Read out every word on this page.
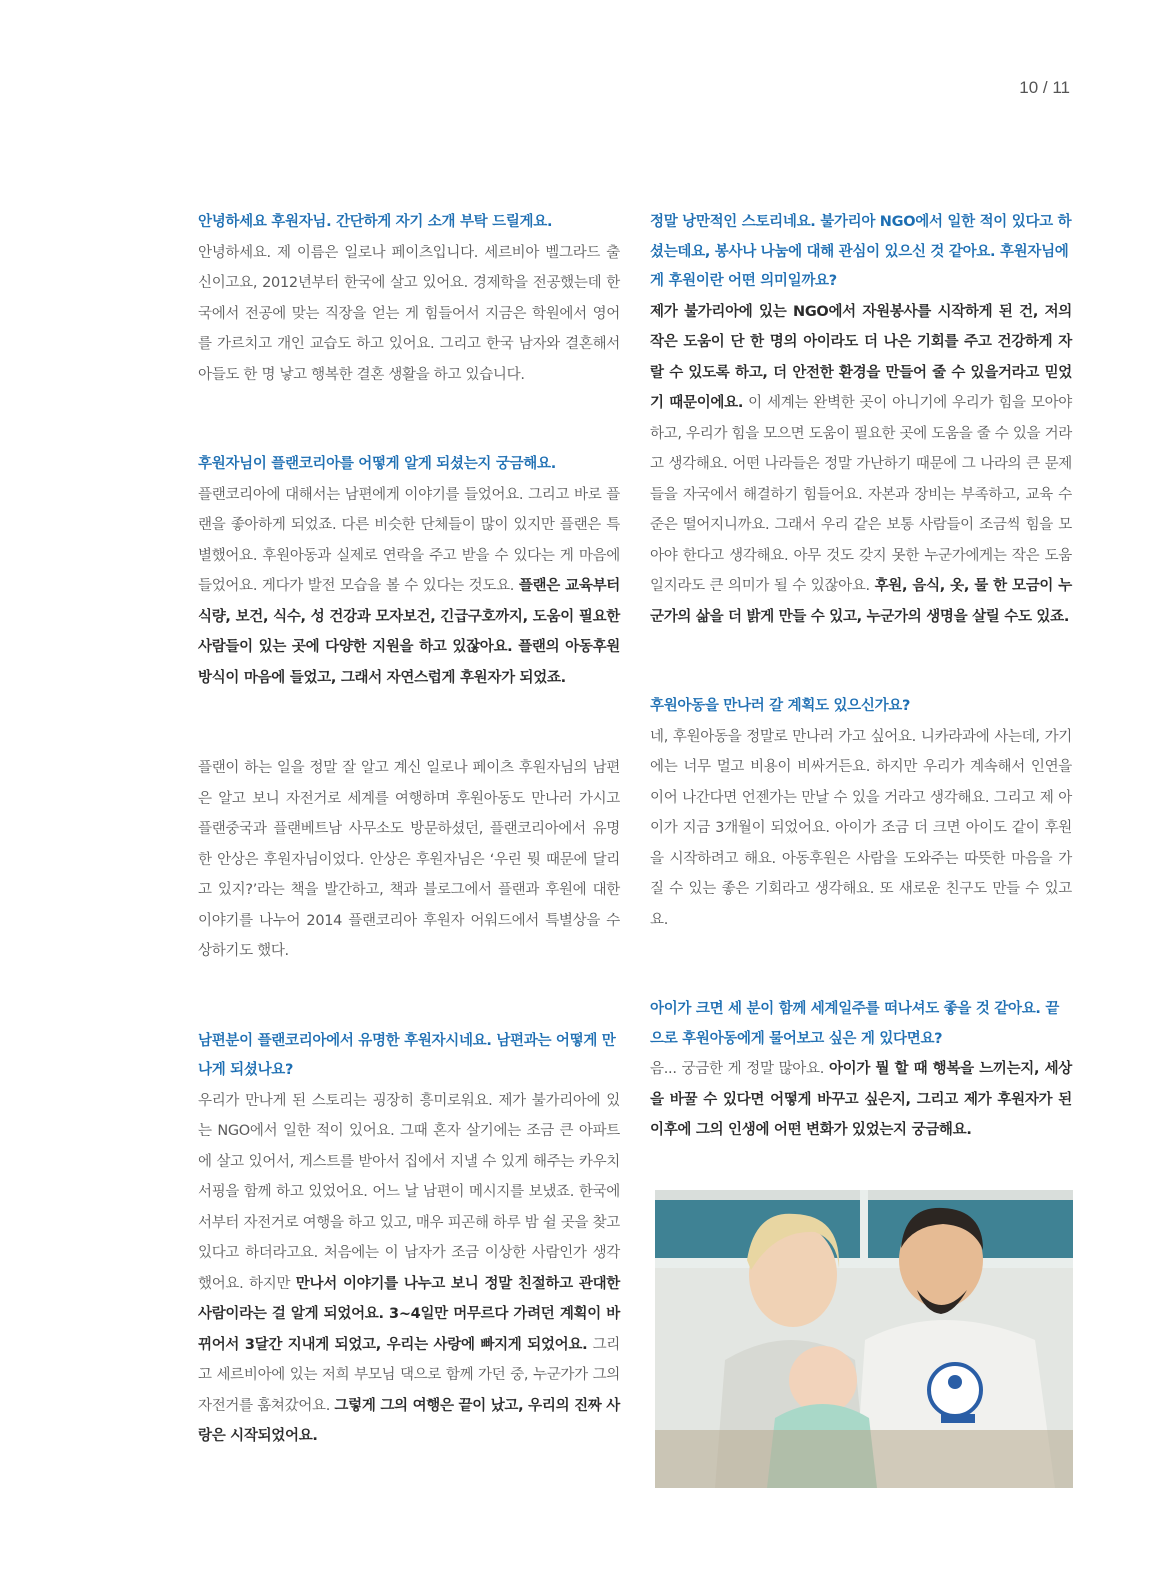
10 / 11

안녕하세요 후원자님. 간단하게 자기 소개 부탁 드릴게요.

안녕하세요. 제 이름은 일로나 페이츠입니다. 세르비아 벨그라드 출신이고요, 2012년부터 한국에 살고 있어요. 경제학을 전공했는데 한국에서 전공에 맞는 직장을 얻는 게 힘들어서 지금은 학원에서 영어를 가르치고 개인 교습도 하고 있어요. 그리고 한국 남자와 결혼해서 아들도 한 명 낳고 행복한 결혼 생활을 하고 있습니다.

후원자님이 플랜코리아를 어떻게 알게 되셨는지 궁금해요.

플랜코리아에 대해서는 남편에게 이야기를 들었어요. 그리고 바로 플랜을 좋아하게 되었죠. 다른 비슷한 단체들이 많이 있지만 플랜은 특별했어요. 후원아동과 실제로 연락을 주고 받을 수 있다는 게 마음에 들었어요. 게다가 발전 모습을 볼 수 있다는 것도요. 플랜은 교육부터 식량, 보건, 식수, 성 건강과 모자보건, 긴급구호까지, 도움이 필요한 사람들이 있는 곳에 다양한 지원을 하고 있잖아요. 플랜의 아동후원 방식이 마음에 들었고, 그래서 자연스럽게 후원자가 되었죠.

플랜이 하는 일을 정말 잘 알고 계신 일로나 페이츠 후원자님의 남편은 알고 보니 자전거로 세계를 여행하며 후원아동도 만나러 가시고 플랜중국과 플랜베트남 사무소도 방문하셨던, 플랜코리아에서 유명한 안상은 후원자님이었다. 안상은 후원자님은 ‘우린 뭣 때문에 달리고 있지?’라는 책을 발간하고, 책과 블로그에서 플랜과 후원에 대한 이야기를 나누어 2014 플랜코리아 후원자 어워드에서 특별상을 수상하기도 했다.

남편분이 플랜코리아에서 유명한 후원자시네요. 남편과는 어떻게 만나게 되셨나요?

우리가 만나게 된 스토리는 굉장히 흥미로워요. 제가 불가리아에 있는 NGO에서 일한 적이 있어요. 그때 혼자 살기에는 조금 큰 아파트에 살고 있어서, 게스트를 받아서 집에서 지낼 수 있게 해주는 카우치 서핑을 함께 하고 있었어요. 어느 날 남편이 메시지를 보냈죠. 한국에서부터 자전거로 여행을 하고 있고, 매우 피곤해 하루 밤 쉴 곳을 찾고 있다고 하더라고요. 처음에는 이 남자가 조금 이상한 사람인가 생각했어요. 하지만 만나서 이야기를 나누고 보니 정말 친절하고 관대한 사람이라는 걸 알게 되었어요. 3~4일만 머무르다 가려던 계획이 바뀌어서 3달간 지내게 되었고, 우리는 사랑에 빠지게 되었어요. 그리고 세르비아에 있는 저희 부모님 댁으로 함께 가던 중, 누군가가 그의 자전거를 훔쳐갔어요. 그렇게 그의 여행은 끝이 났고, 우리의 진짜 사랑은 시작되었어요.

정말 낭만적인 스토리네요. 불가리아 NGO에서 일한 적이 있다고 하셨는데요, 봉사나 나눔에 대해 관심이 있으신 것 같아요. 후원자님에게 후원이란 어떤 의미일까요?

제가 불가리아에 있는 NGO에서 자원봉사를 시작하게 된 건, 저의 작은 도움이 단 한 명의 아이라도 더 나은 기회를 주고 건강하게 자랄 수 있도록 하고, 더 안전한 환경을 만들어 줄 수 있을거라고 믿었기 때문이에요. 이 세계는 완벽한 곳이 아니기에 우리가 힘을 모아야 하고, 우리가 힘을 모으면 도움이 필요한 곳에 도움을 줄 수 있을 거라고 생각해요. 어떤 나라들은 정말 가난하기 때문에 그 나라의 큰 문제들을 자국에서 해결하기 힘들어요. 자본과 장비는 부족하고, 교육 수준은 떨어지니까요. 그래서 우리 같은 보통 사람들이 조금씩 힘을 모아야 한다고 생각해요. 아무 것도 갖지 못한 누군가에게는 작은 도움일지라도 큰 의미가 될 수 있잖아요. 후원, 음식, 옷, 물 한 모금이 누군가의 삶을 더 밝게 만들 수 있고, 누군가의 생명을 살릴 수도 있죠.

후원아동을 만나러 갈 계획도 있으신가요?

네, 후원아동을 정말로 만나러 가고 싶어요. 니카라과에 사는데, 가기에는 너무 멀고 비용이 비싸거든요. 하지만 우리가 계속해서 인연을 이어 나간다면 언젠가는 만날 수 있을 거라고 생각해요. 그리고 제 아이가 지금 3개월이 되었어요. 아이가 조금 더 크면 아이도 같이 후원을 시작하려고 해요. 아동후원은 사람을 도와주는 따뜻한 마음을 가질 수 있는 좋은 기회라고 생각해요. 또 새로운 친구도 만들 수 있고요.

아이가 크면 세 분이 함께 세계일주를 떠나셔도 좋을 것 같아요. 끝으로 후원아동에게 물어보고 싶은 게 있다면요?

음... 궁금한 게 정말 많아요. 아이가 뭘 할 때 행복을 느끼는지, 세상을 바꿀 수 있다면 어떻게 바꾸고 싶은지, 그리고 제가 후원자가 된 이후에 그의 인생에 어떤 변화가 있었는지 궁금해요.
